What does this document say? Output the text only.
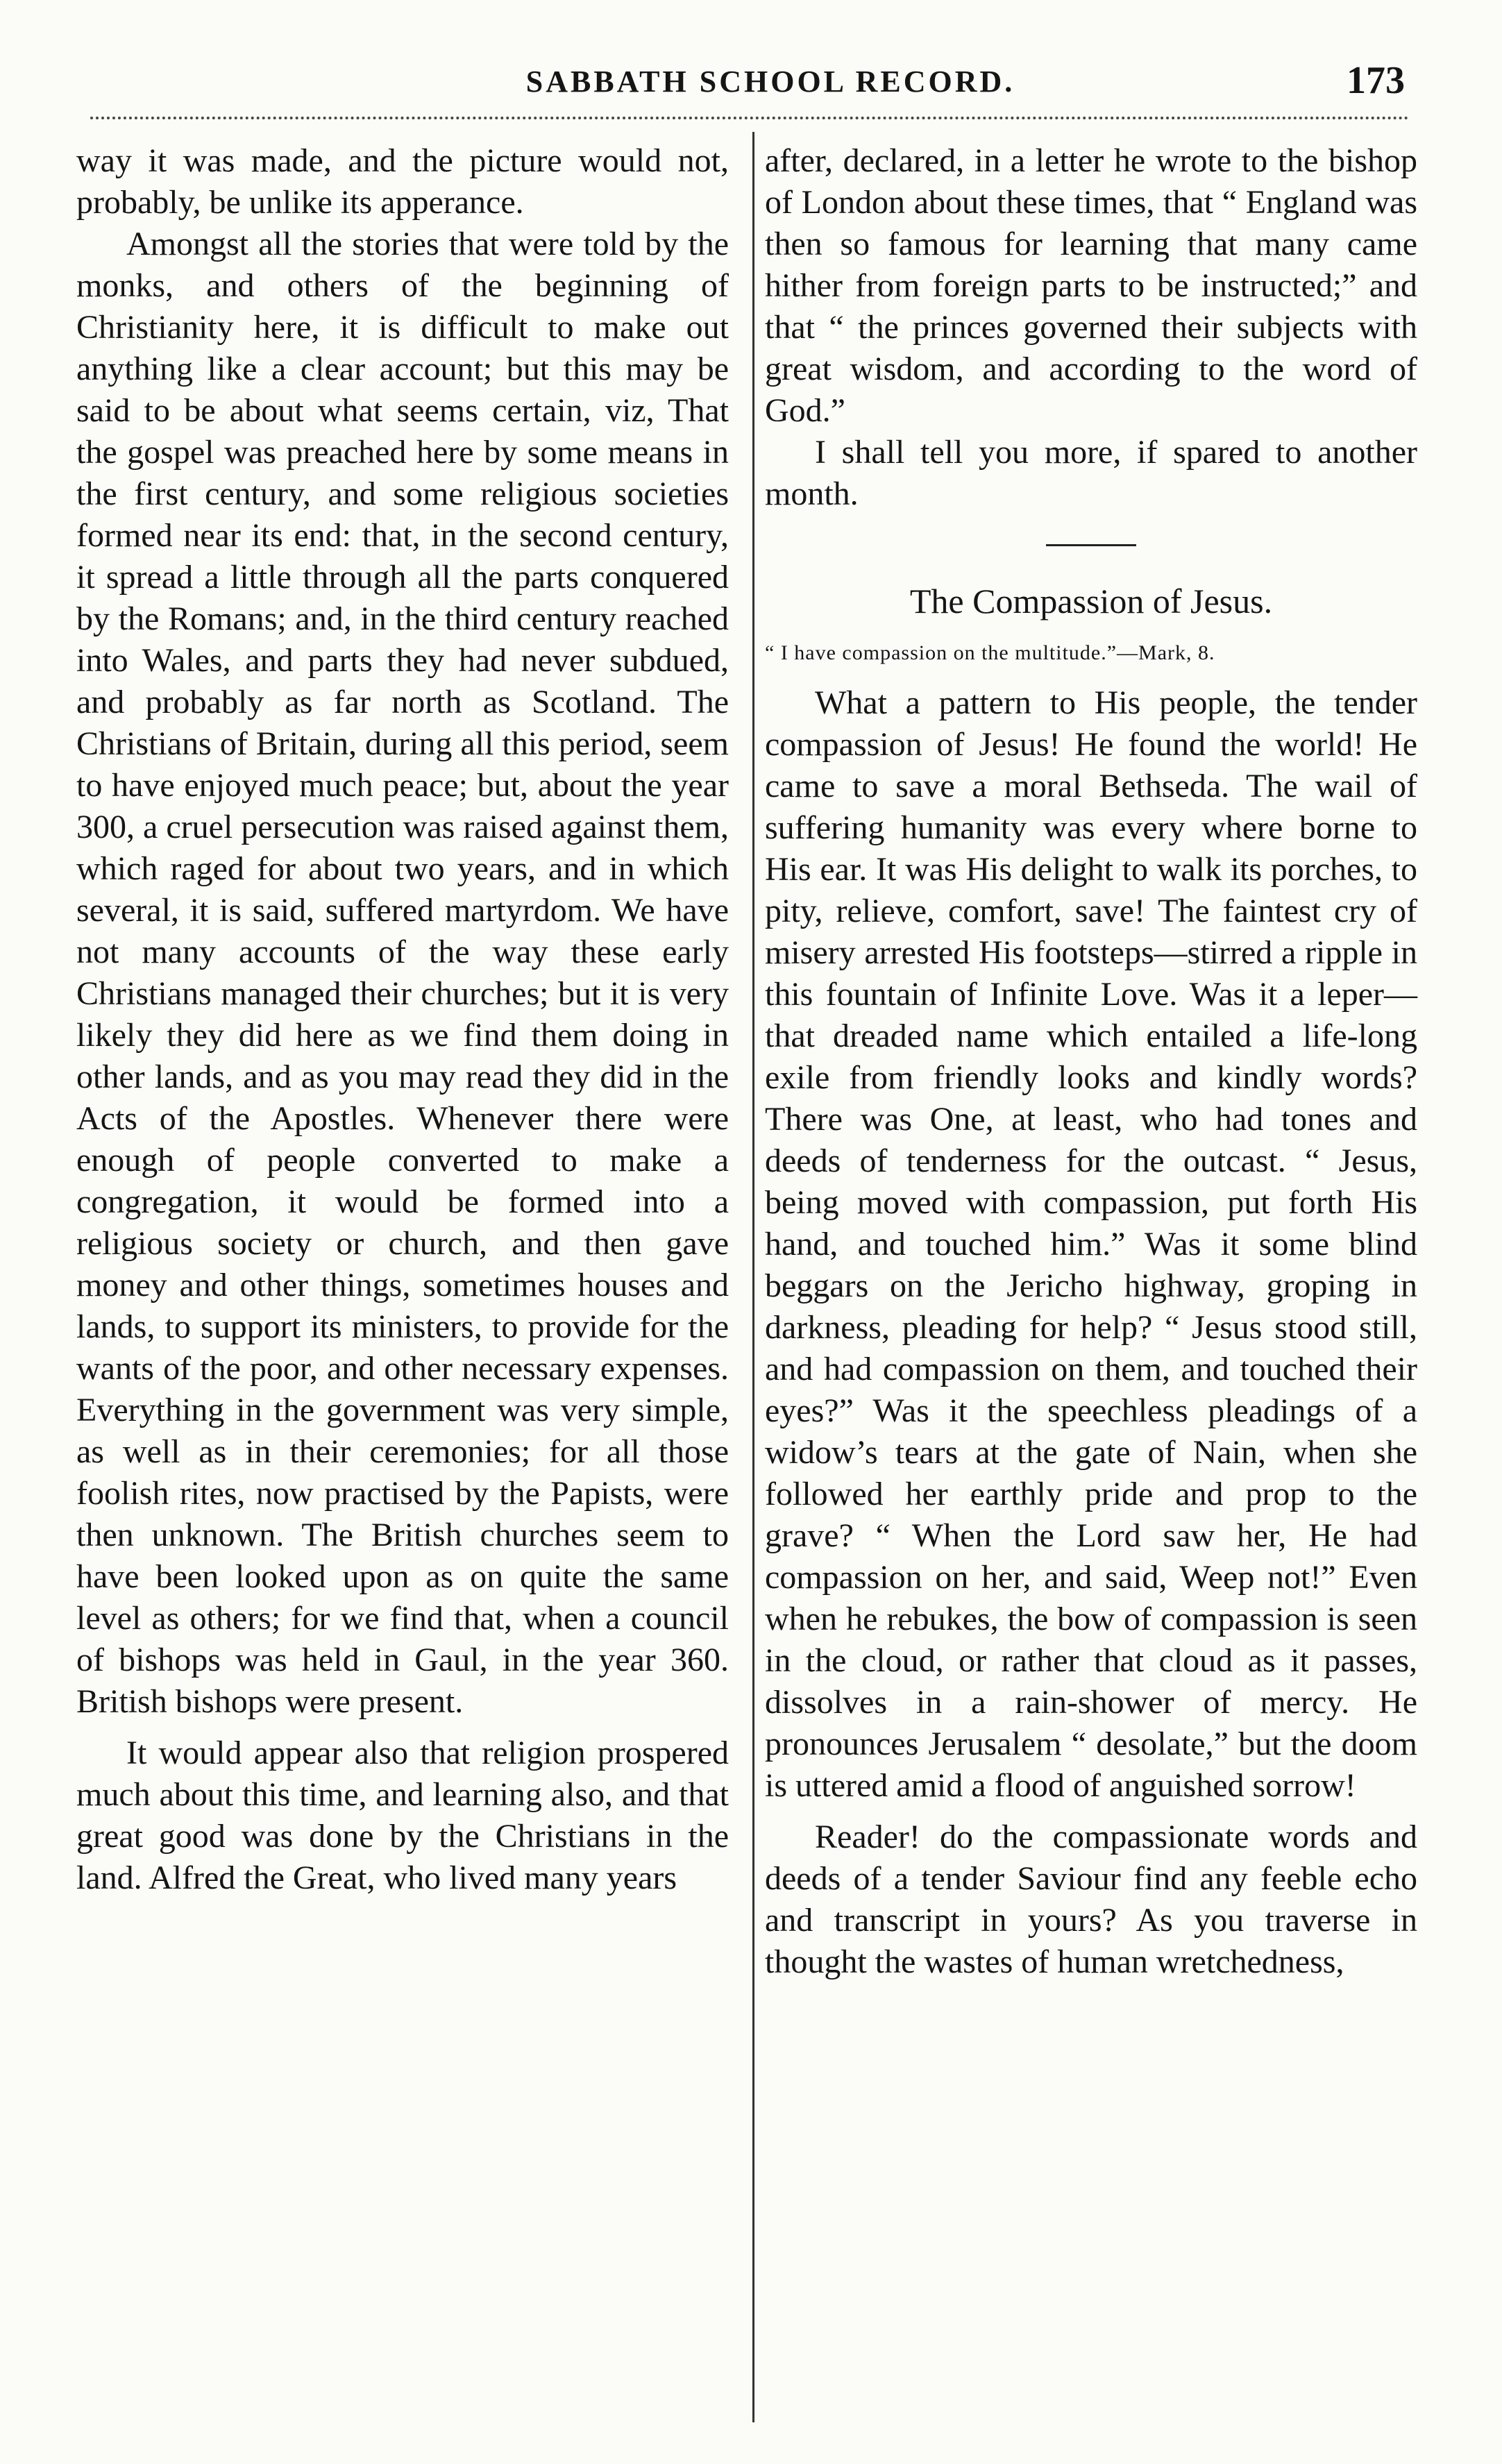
SABBATH SCHOOL RECORD.	173

way it was made, and the picture would not, probably, be unlike its apperance.

Amongst all the stories that were told by the monks, and others of the beginning of Christianity here, it is difficult to make out anything like a clear account; but this may be said to be about what seems certain, viz, That the gospel was preached here by some means in the first century, and some religious societies formed near its end: that, in the second century, it spread a little through all the parts conquered by the Romans; and, in the third century reached into Wales, and parts they had never subdued, and probably as far north as Scotland. The Christians of Britain, during all this period, seem to have enjoyed much peace; but, about the year 300, a cruel persecution was raised against them, which raged for about two years, and in which several, it is said, suffered martyrdom. We have not many accounts of the way these early Christians managed their churches; but it is very likely they did here as we find them doing in other lands, and as you may read they did in the Acts of the Apostles. Whenever there were enough of people converted to make a congregation, it would be formed into a religious society or church, and then gave money and other things, sometimes houses and lands, to support its ministers, to provide for the wants of the poor, and other necessary expenses. Everything in the government was very simple, as well as in their ceremonies; for all those foolish rites, now practised by the Papists, were then unknown. The British churches seem to have been looked upon as on quite the same level as others; for we find that, when a council of bishops was held in Gaul, in the year 360. British bishops were present.

It would appear also that religion prospered much about this time, and learning also, and that great good was done by the Christians in the land. Alfred the Great, who lived many years

after, declared, in a letter he wrote to the bishop of London about these times, that “ England was then so famous for learning that many came hither from foreign parts to be instructed;” and that “ the princes governed their subjects with great wisdom, and according to the word of God.”

I shall tell you more, if spared to another month.

The Compassion of Jesus.
“ I have compassion on the multitude.”—Mark, 8.

What a pattern to His people, the tender compassion of Jesus! He found the world! He came to save a moral Bethseda. The wail of suffering humanity was every where borne to His ear. It was His delight to walk its porches, to pity, relieve, comfort, save! The faintest cry of misery arrested His footsteps—stirred a ripple in this fountain of Infinite Love. Was it a leper—that dreaded name which entailed a life-long exile from friendly looks and kindly words? There was One, at least, who had tones and deeds of tenderness for the outcast. “ Jesus, being moved with compassion, put forth His hand, and touched him.” Was it some blind beggars on the Jericho highway, groping in darkness, pleading for help? “ Jesus stood still, and had compassion on them, and touched their eyes?” Was it the speechless pleadings of a widow’s tears at the gate of Nain, when she followed her earthly pride and prop to the grave? “ When the Lord saw her, He had compassion on her, and said, Weep not!” Even when he rebukes, the bow of compassion is seen in the cloud, or rather that cloud as it passes, dissolves in a rain-shower of mercy. He pronounces Jerusalem “ desolate,” but the doom is uttered amid a flood of anguished sorrow!

Reader! do the compassionate words and deeds of a tender Saviour find any feeble echo and transcript in yours? As you traverse in thought the wastes of human wretchedness,
